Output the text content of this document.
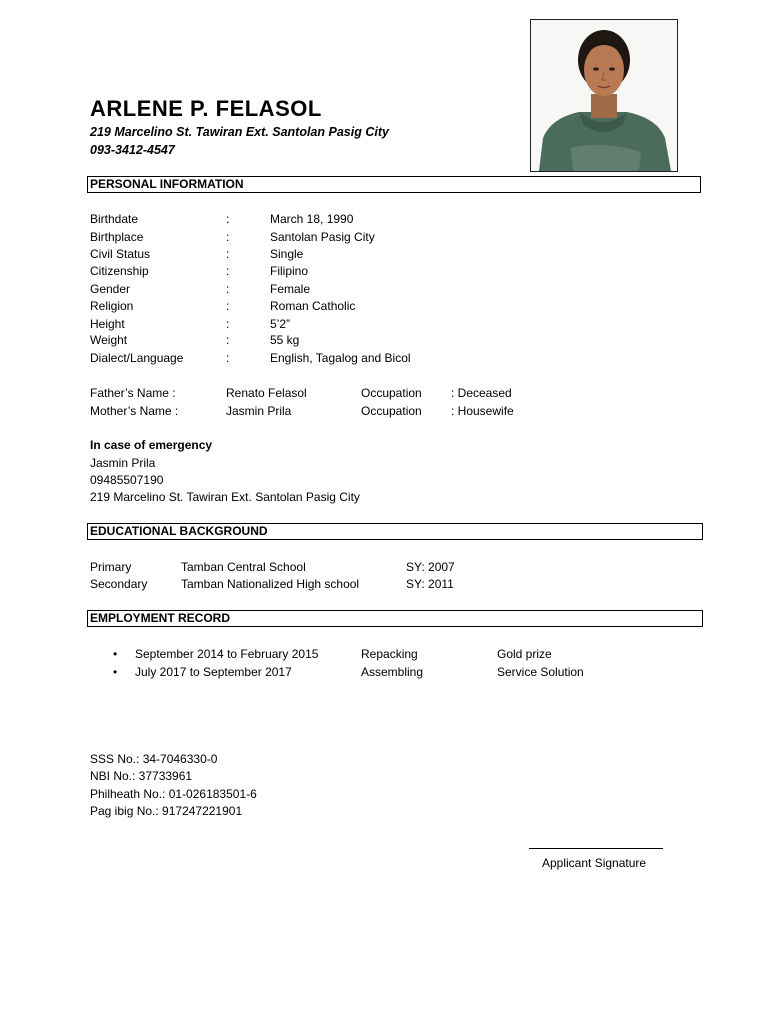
ARLENE P. FELASOL
219 Marcelino St. Tawiran Ext. Santolan Pasig City
093-3412-4547
PERSONAL INFORMATION
Birthdate	:	March 18, 1990
Birthplace	:	Santolan Pasig City
Civil Status	:	Single
Citizenship	:	Filipino
Gender	:	Female
Religion	:	Roman Catholic
Height	:	5’2”
Weight	:	55 kg
Dialect/Language	:	English, Tagalog and Bicol
Father’s Name :	Renato Felasol	Occupation : Deceased
Mother’s Name :	Jasmin Prila	Occupation : Housewife
In case of emergency
Jasmin Prila
09485507190
219 Marcelino St. Tawiran Ext. Santolan Pasig City
EDUCATIONAL BACKGROUND
Primary	Tamban Central School	SY: 2007
Secondary	Tamban Nationalized High school	SY: 2011
EMPLOYMENT RECORD
• September 2014 to February 2015	Repacking	Gold prize
• July 2017 to September 2017	Assembling	Service Solution
SSS No.: 34-7046330-0
NBI No.: 37733961
Philheath No.: 01-026183501-6
Pag ibig No.: 917247221901
Applicant Signature
